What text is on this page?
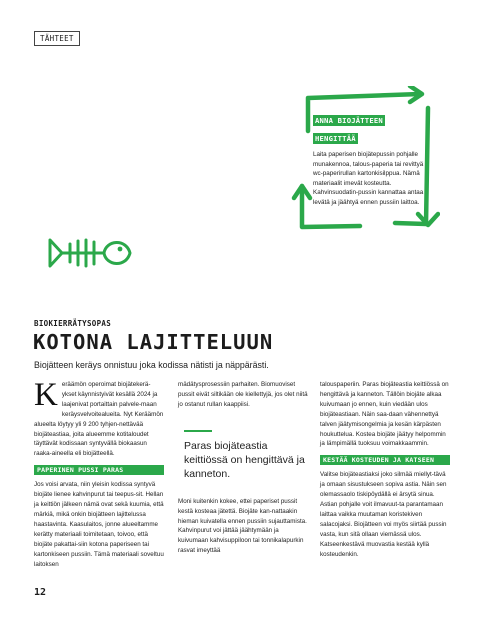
TÄHTEET
ANNA BIOJÄTTEEN HENGITTÄÄ
Laita paperisen biojätepussin pohjalle munakennoa, talous-paperia tai revittyä wc-paperirullan kartonkisilppua. Nämä materiaalit imevät kosteutta. Kahvinsuodatin-pussin kannattaa antaa levätä ja jäähtyä ennen pussiin laittoa.
BIOKIERRÄTYSOPAS
KOTONA LAJITTELUUN
Biojätteen keräys onnistuu joka kodissa nätisti ja näppärästi.
K eräämön operoimat biojätekerä-ykset käynnistyivät kesällä 2024 ja laajenivat portaittain palvele-maan keräysvelvoitealueita. Nyt Keräämön alueelta löytyy yli 9 200 tyhjen-nettävää biojäteastiaa, joita alueemme kotitaloudet täyttävät kodissaan syntyvällä biokaasun raaka-aineella eli biojätteellä.
PAPERINEN PUSSI PARAS
Jos voisi arvata, niin yleisin kodissa syntyvä biojäte lienee kahvinpurut tai teepus-sit. Hellan ja keittiön jälkeen nämä ovat sekä kuumia, että märkiä, mikä onkin biojätteen lajittelussa haastavinta. Kaasulaitos, jonne alueeltamme kerätty materiaali toimitetaan, toivoo, että biojäte pakattai-siin kotona paperiseen tai kartonkiseen pussiin. Tämä materiaali soveltuu laitoksen
mädätysprosessiin parhaiten. Biomuoviset pussit eivät siltikään ole kiellettyjä, jos olet niitä jo ostanut rullan kaappiisi.
Paras biojäteastia keittiössä on hengittävä ja kanneton.
Moni kuitenkin kokee, ettei paperiset pussit kestä kosteaa jätettä. Biojäte kan-nattaakin hieman kuivatella ennen pussiin sujauttamista. Kahvinpurut voi jättää jäähtymään ja kuivumaan kahvisuppiloon tai tonnikalapurkin rasvat imeyttää
talouspaperiin. Paras biojäteastia keittiössä on hengittävä ja kanneton. Tällöin biojäte alkaa kuivumaan jo ennen, kuin viedään ulos biojäteastiaan. Näin saa-daan vähennettyä talven jäätymisongelmia ja kesän kärpästen houkuttelua. Kostea biojäte jäätyy helpommin ja lämpimällä tuoksuu voimakkaammin.
KESTÄÄ KOSTEUDEN JA KATSEEN
Valitse biojäteastiaksi joko silmää miellyt-tävä ja omaan sisustukseen sopiva astia. Näin sen olemassaolo tiskipöydällä ei ärsytä sinua. Astian pohjalle voit ilmavuut-ta parantamaan laittaa vaikka muutaman koristekiven salacojaksi. Biojätteen voi myös siirtää pussin vasta, kun sitä ollaan viemässä ulos. Katseenkestävä muovastia kestää kyllä kosteudenkin.
12
